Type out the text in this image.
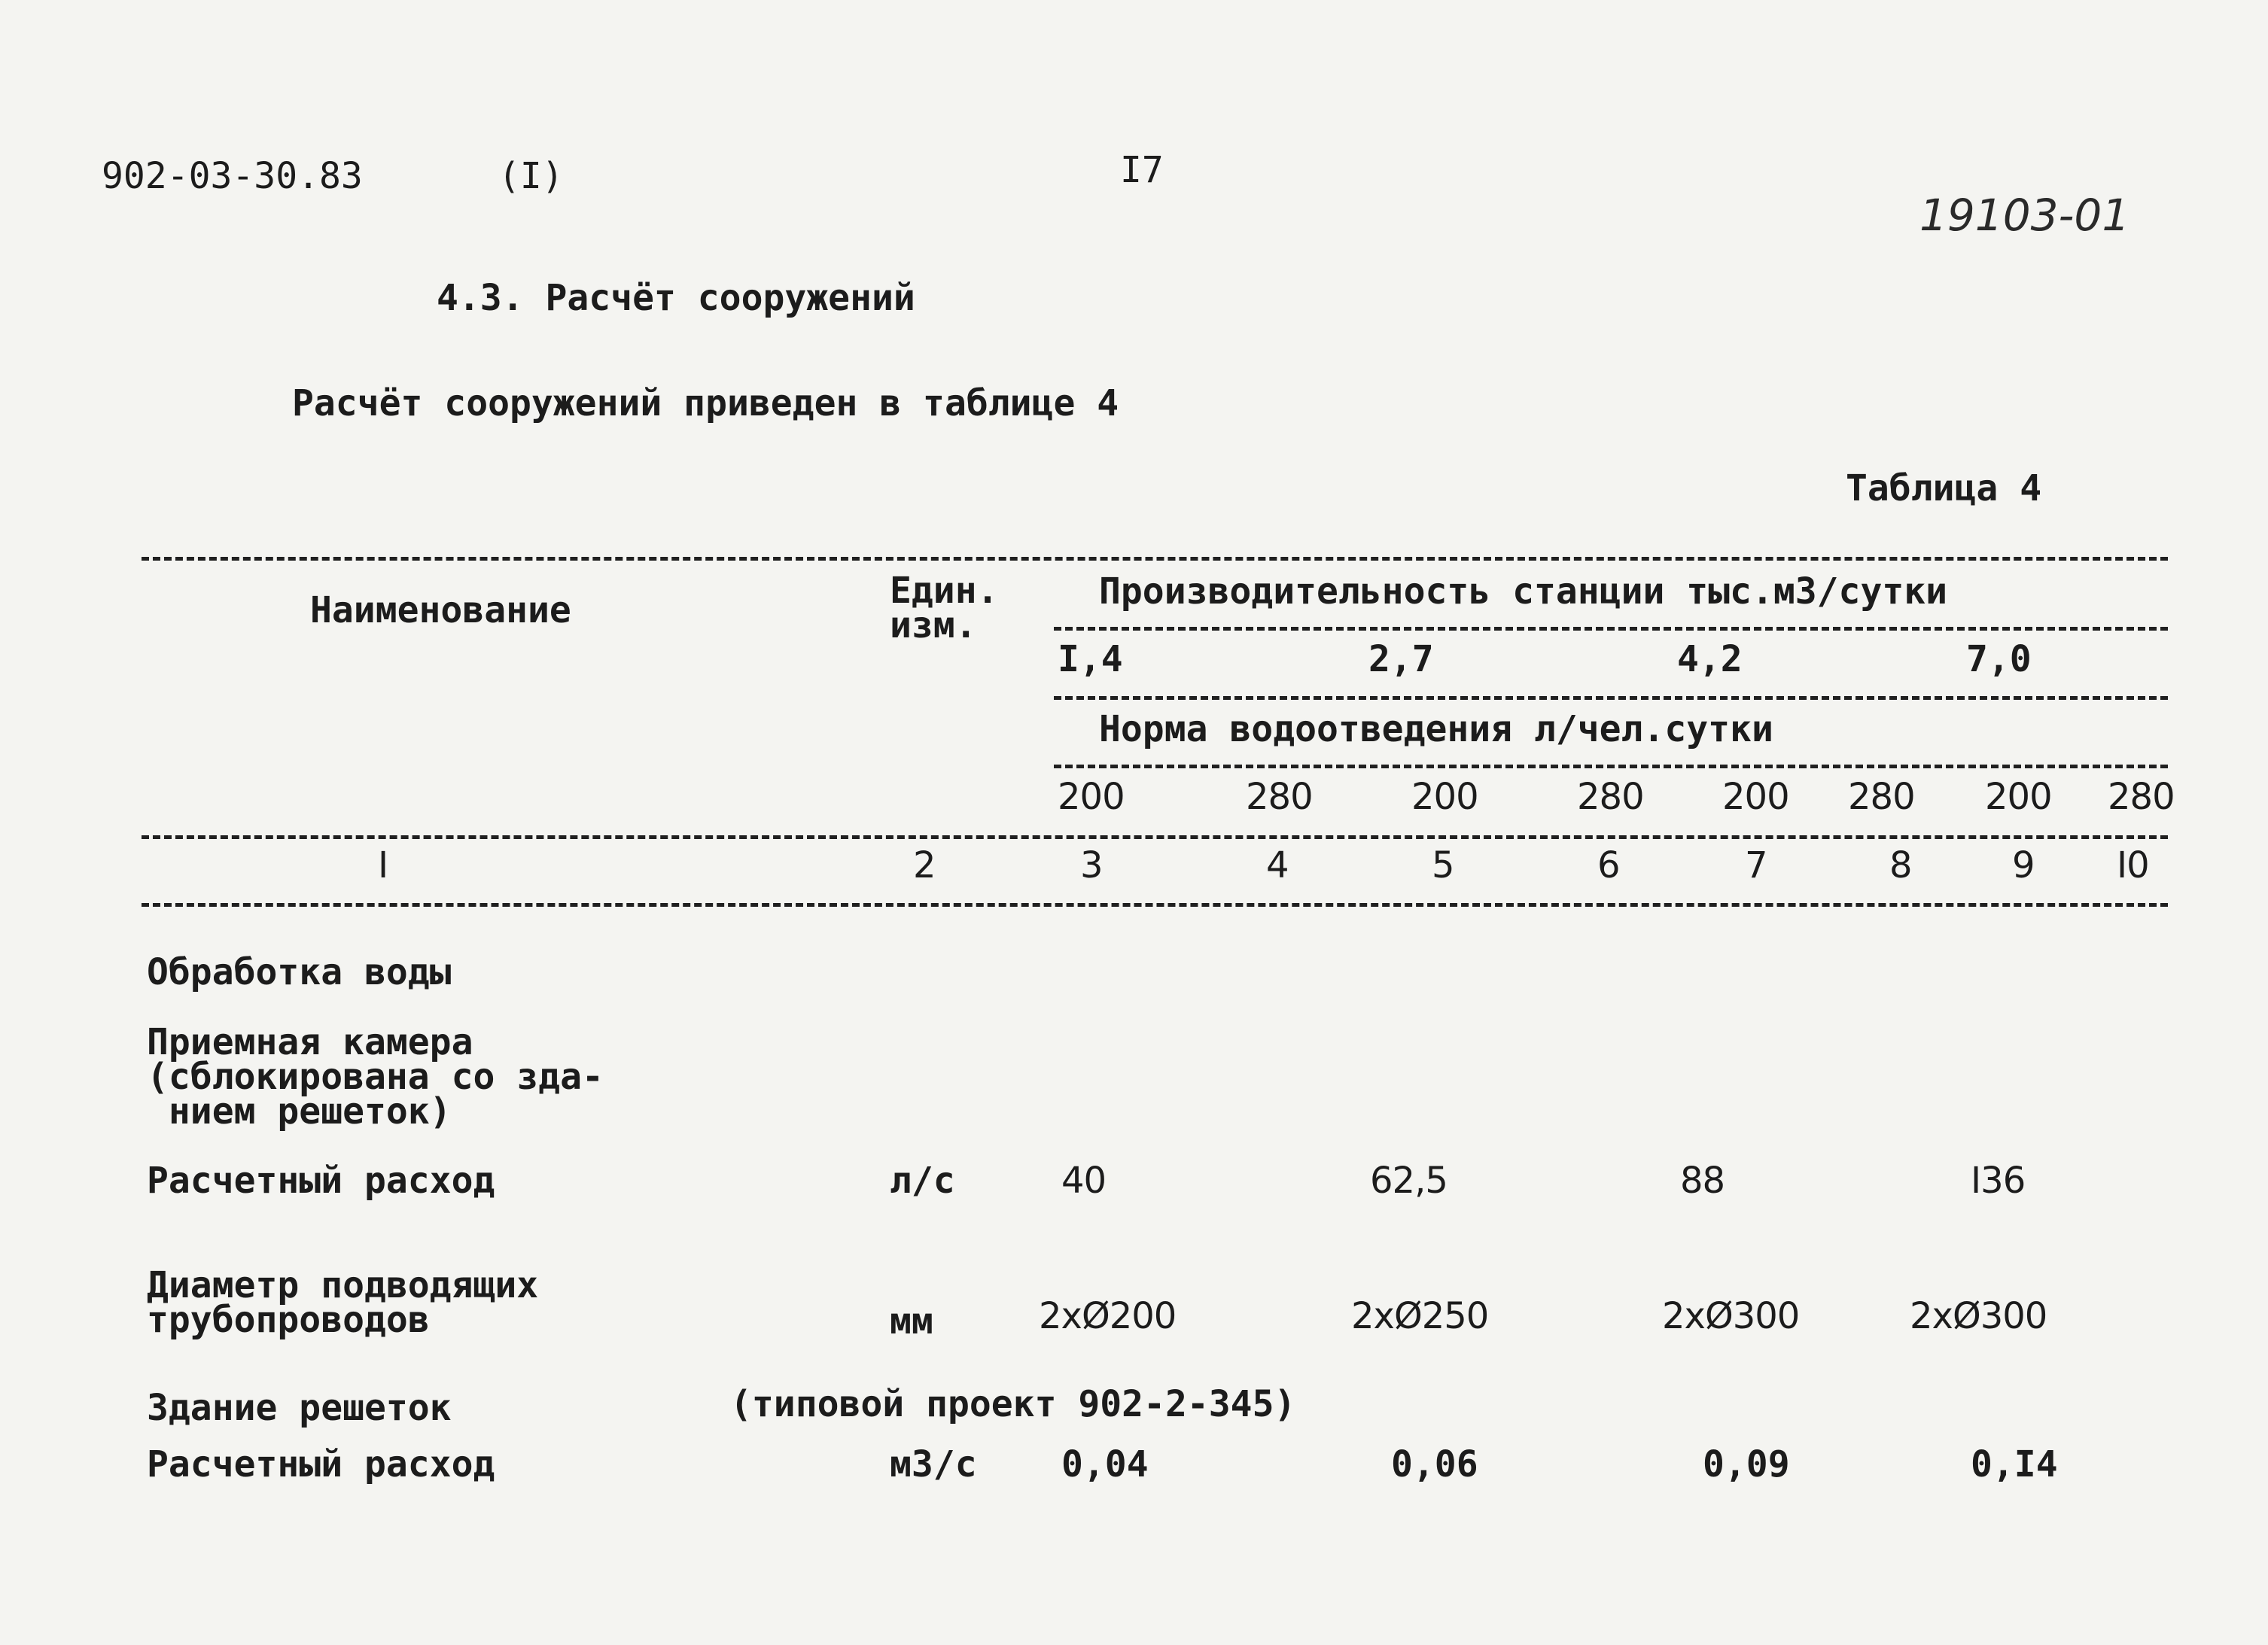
902-03-30.83	(I)	I7
19103-01
4.3. Расчёт сооружений
Расчёт сооружений приведен в таблице 4
Таблица 4
Наименование	Един.
изм.
Производительность станции тыс.м3/сутки
I,4	2,7	4,2	7,0
Норма водоотведения л/чел.сутки
200	280	200	280 200 280 200 280
I	2	3	4	5	6	7	8	9 I0
Обработка воды
Приемная камера
(сблокирована со зда-
нием решеток)
Расчетный расход	л/с	40	62,5	88	I36
Диаметр подводящих
трубопроводов	мм	2хØ200	2хØ250	2хØ300	2хØ300
Здание решеток	(типовой проект 902-2-345)
Расчетный расход	м3/с 0,04	0,06	0,09	0,I4
